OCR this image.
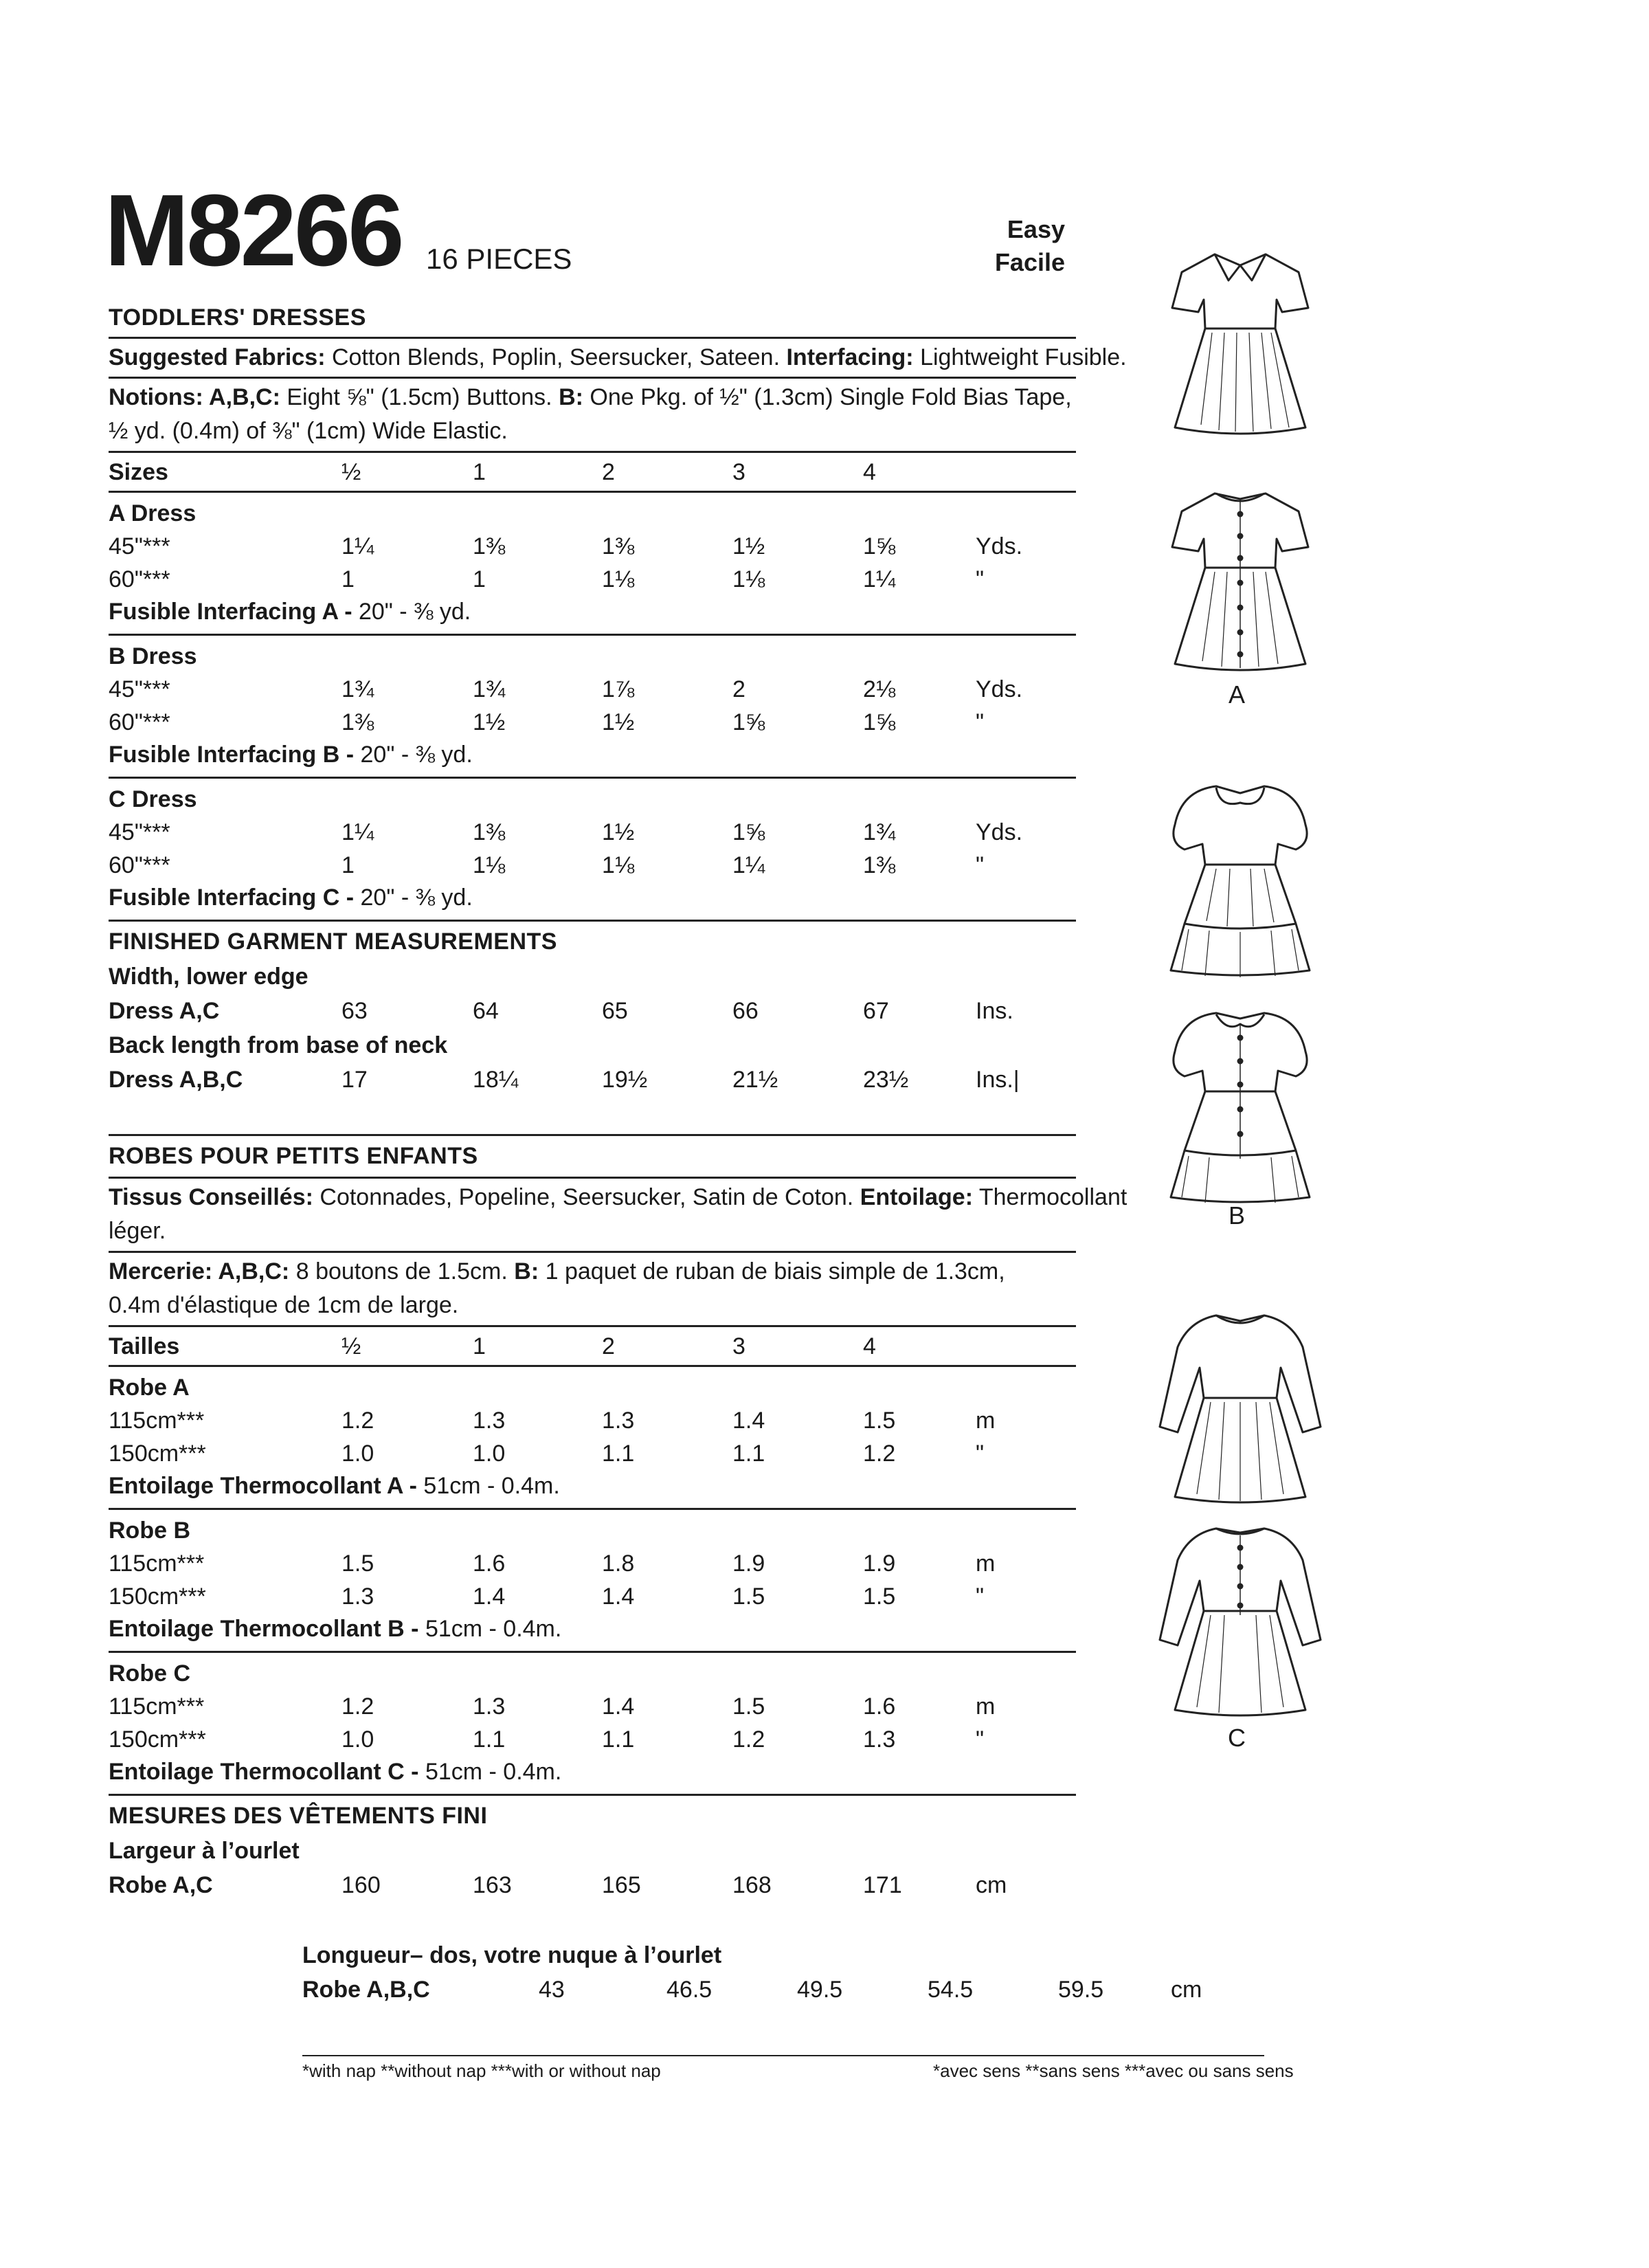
M8266 16 PIECES
Easy
Facile
TODDLERS' DRESSES
Suggested Fabrics: Cotton Blends, Poplin, Seersucker, Sateen. Interfacing: Lightweight Fusible.
Notions: A,B,C: Eight ⅝" (1.5cm) Buttons. B: One Pkg. of ½" (1.3cm) Single Fold Bias Tape,
½ yd. (0.4m) of ⅜" (1cm) Wide Elastic.
Sizes	½	1	2	3	4
A Dress
45"***	1¼	1⅜	1⅜	1½	1⅝	Yds.
60"***	1	1	1⅛	1⅛	1¼	"
Fusible Interfacing A - 20" - ⅜ yd.
B Dress
45"***	1¾	1¾	1⅞	2	2⅛	Yds.
60"***	1⅜	1½	1½	1⅝	1⅝	"
Fusible Interfacing B - 20" - ⅜ yd.
C Dress
45"***	1¼	1⅜	1½	1⅝	1¾	Yds.
60"***	1	1⅛	1⅛	1¼	1⅜	"
Fusible Interfacing C - 20" - ⅜ yd.
FINISHED GARMENT MEASUREMENTS
Width, lower edge
Dress A,C	63	64	65	66	67	Ins.
Back length from base of neck
Dress A,B,C	17	18¼	19½	21½	23½	Ins.|
ROBES POUR PETITS ENFANTS
Tissus Conseillés: Cotonnades, Popeline, Seersucker, Satin de Coton. Entoilage: Thermocollant
léger.
Mercerie: A,B,C: 8 boutons de 1.5cm. B: 1 paquet de ruban de biais simple de 1.3cm,
0.4m d'élastique de 1cm de large.
Tailles	½	1	2	3	4
Robe A
115cm***	1.2	1.3	1.3	1.4	1.5	m
150cm***	1.0	1.0	1.1	1.1	1.2	"
Entoilage Thermocollant A - 51cm - 0.4m.
Robe B
115cm***	1.5	1.6	1.8	1.9	1.9	m
150cm***	1.3	1.4	1.4	1.5	1.5	"
Entoilage Thermocollant B - 51cm - 0.4m.
Robe C
115cm***	1.2	1.3	1.4	1.5	1.6	m
150cm***	1.0	1.1	1.1	1.2	1.3	"
Entoilage Thermocollant C - 51cm - 0.4m.
MESURES DES VÊTEMENTS FINI
Largeur à l’ourlet
Robe A,C	160	163	165	168	171	cm
Longueur– dos, votre nuque à l’ourlet
Robe A,B,C	43	46.5	49.5	54.5	59.5	cm
*with nap **without nap ***with or without nap	*avec sens **sans sens ***avec ou sans sens
A
B
C
